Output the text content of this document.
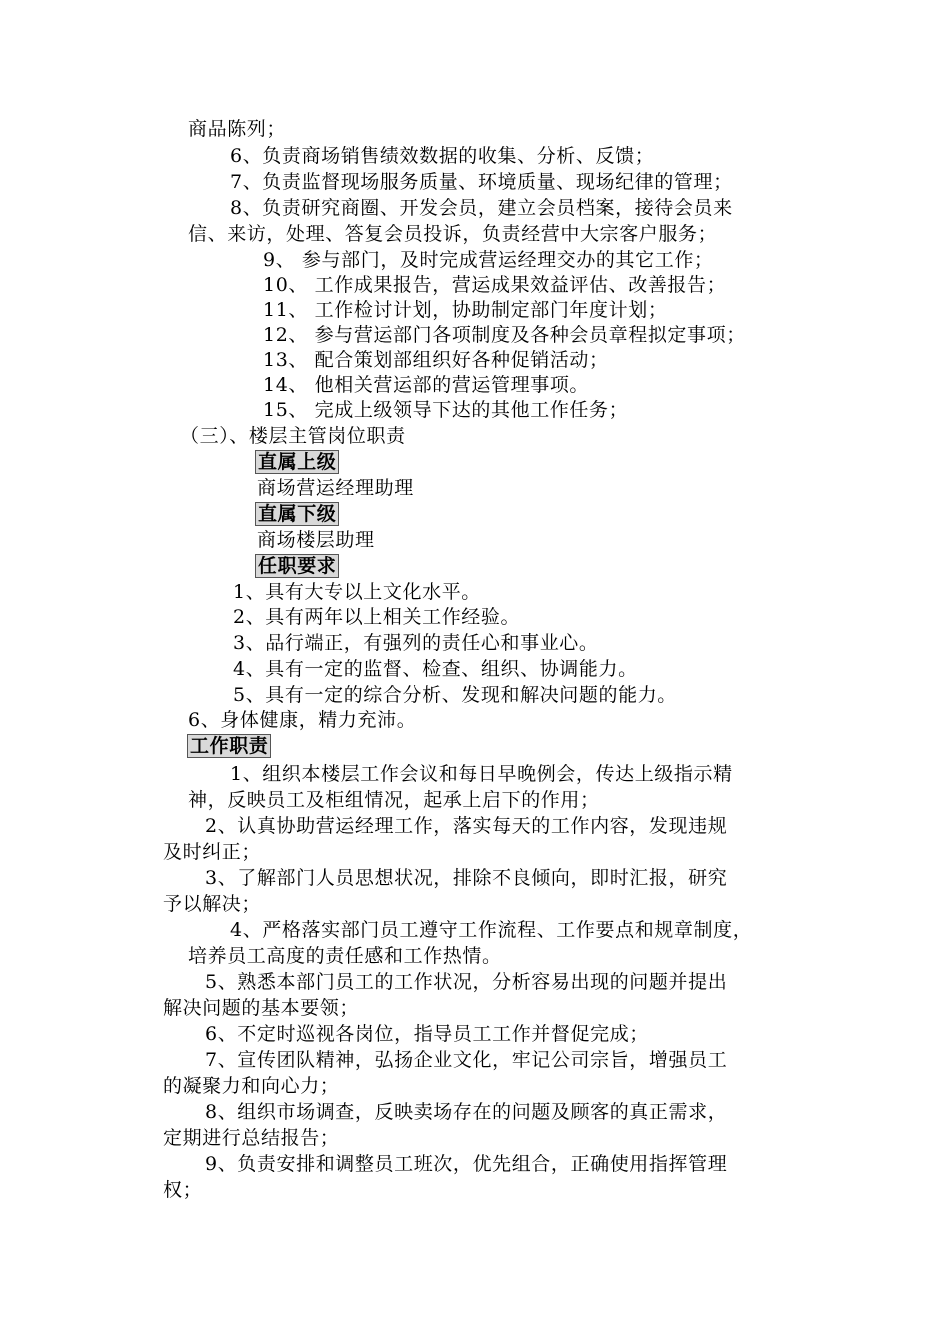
商品陈列；
6、负责商场销售绩效数据的收集、分析、反馈；
7、负责监督现场服务质量、环境质量、现场纪律的管理；
8、负责研究商圈、开发会员，建立会员档案，接待会员来
信、来访，处理、答复会员投诉，负责经营中大宗客户服务；
9、 参与部门，及时完成营运经理交办的其它工作；
10、 工作成果报告，营运成果效益评估、改善报告；
11、 工作检讨计划，协助制定部门年度计划；
12、 参与营运部门各项制度及各种会员章程拟定事项；
13、 配合策划部组织好各种促销活动；
14、 他相关营运部的营运管理事项。
15、 完成上级领导下达的其他工作任务；
（三）、楼层主管岗位职责
直属上级
商场营运经理助理
直属下级
商场楼层助理
任职要求
1、具有大专以上文化水平。
2、具有两年以上相关工作经验。
3、品行端正，有强列的责任心和事业心。
4、具有一定的监督、检查、组织、协调能力。
5、具有一定的综合分析、发现和解决问题的能力。
6、身体健康，精力充沛。
工作职责
1、组织本楼层工作会议和每日早晚例会，传达上级指示精
神，反映员工及柜组情况，起承上启下的作用；
2、认真协助营运经理工作，落实每天的工作内容，发现违规
及时纠正；
3、了解部门人员思想状况，排除不良倾向，即时汇报，研究
予以解决；
4、严格落实部门员工遵守工作流程、工作要点和规章制度，
培养员工高度的责任感和工作热情。
5、熟悉本部门员工的工作状况，分析容易出现的问题并提出
解决问题的基本要领；
6、不定时巡视各岗位，指导员工工作并督促完成；
7、宣传团队精神，弘扬企业文化，牢记公司宗旨，增强员工
的凝聚力和向心力；
8、组织市场调查，反映卖场存在的问题及顾客的真正需求，
定期进行总结报告；
9、负责安排和调整员工班次，优先组合，正确使用指挥管理
权；
